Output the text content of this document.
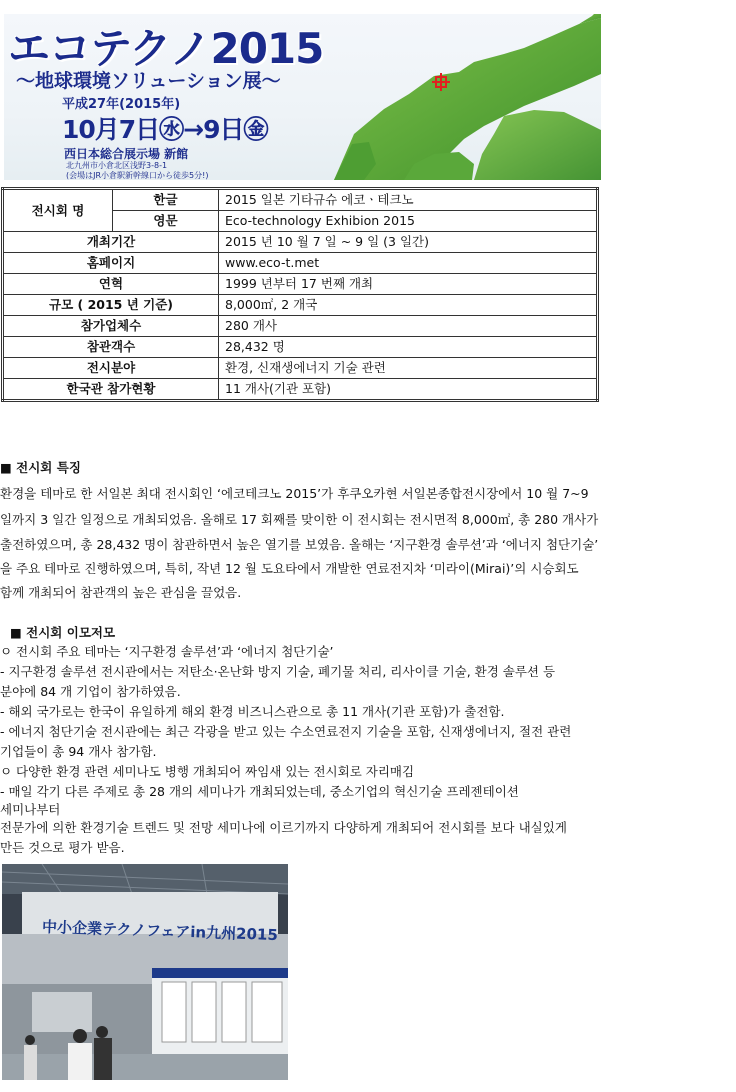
エコテクノ2015
～地球環境ソリューション展～
平成27年(2015年)
10月7日㊌→9日㊎
西日本総合展示場 新館
北九州市小倉北区浅野3-8-1
(会場はJR小倉駅新幹線口から徒歩5分!)
전시회 명	한글	2015 일본 기타규슈 에코ㆍ테크노
	영문	Eco-technology Exhibion 2015
개최기간		2015 년 10 월 7 일 ~ 9 일 (3 일간)
홈페이지		www.eco-t.met
연혁		1999 년부터 17 번째 개최
규모 ( 2015 년 기준)		8,000㎡, 2 개국
참가업체수		280 개사
참관객수		28,432 명
전시분야		환경, 신재생에너지 기술 관련
한국관 참가현황		11 개사(기관 포함)
■ 전시회 특징
환경을 테마로 한 서일본 최대 전시회인 ‘에코테크노 2015’가 후쿠오카현 서일본종합전시장에서 10 월 7~9
일까지 3 일간 일정으로 개최되었음. 올해로 17 회째를 맞이한 이 전시회는 전시면적 8,000㎡, 총 280 개사가
출전하였으며, 총 28,432 명이 참관하면서 높은 열기를 보였음. 올해는 ‘지구환경 솔루션’과 ‘에너지 첨단기술’
을 주요 테마로 진행하였으며, 특히, 작년 12 월 도요타에서 개발한 연료전지차 ‘미라이(Mirai)’의 시승회도
함께 개최되어 참관객의 높은 관심을 끌었음.
■ 전시회 이모저모
ㅇ 전시회 주요 테마는 ‘지구환경 솔루션’과 ‘에너지 첨단기술’
- 지구환경 솔루션 전시관에서는 저탄소·온난화 방지 기술, 폐기물 처리, 리사이클 기술, 환경 솔루션 등
분야에 84 개 기업이 참가하였음.
- 해외 국가로는 한국이 유일하게 해외 환경 비즈니스관으로 총 11 개사(기관 포함)가 출전함.
- 에너지 첨단기술 전시관에는 최근 각광을 받고 있는 수소연료전지 기술을 포함, 신재생에너지, 절전 관련
기업들이 총 94 개사 참가함.
ㅇ 다양한 환경 관련 세미나도 병행 개최되어 짜임새 있는 전시회로 자리매김
- 매일 각기 다른 주제로 총 28 개의 세미나가 개최되었는데, 중소기업의 혁신기술 프레젠테이션
세미나부터
전문가에 의한 환경기술 트렌드 및 전망 세미나에 이르기까지 다양하게 개최되어 전시회를 보다 내실있게
만든 것으로 평가 받음.
中小企業テクノフェアin九州2015
